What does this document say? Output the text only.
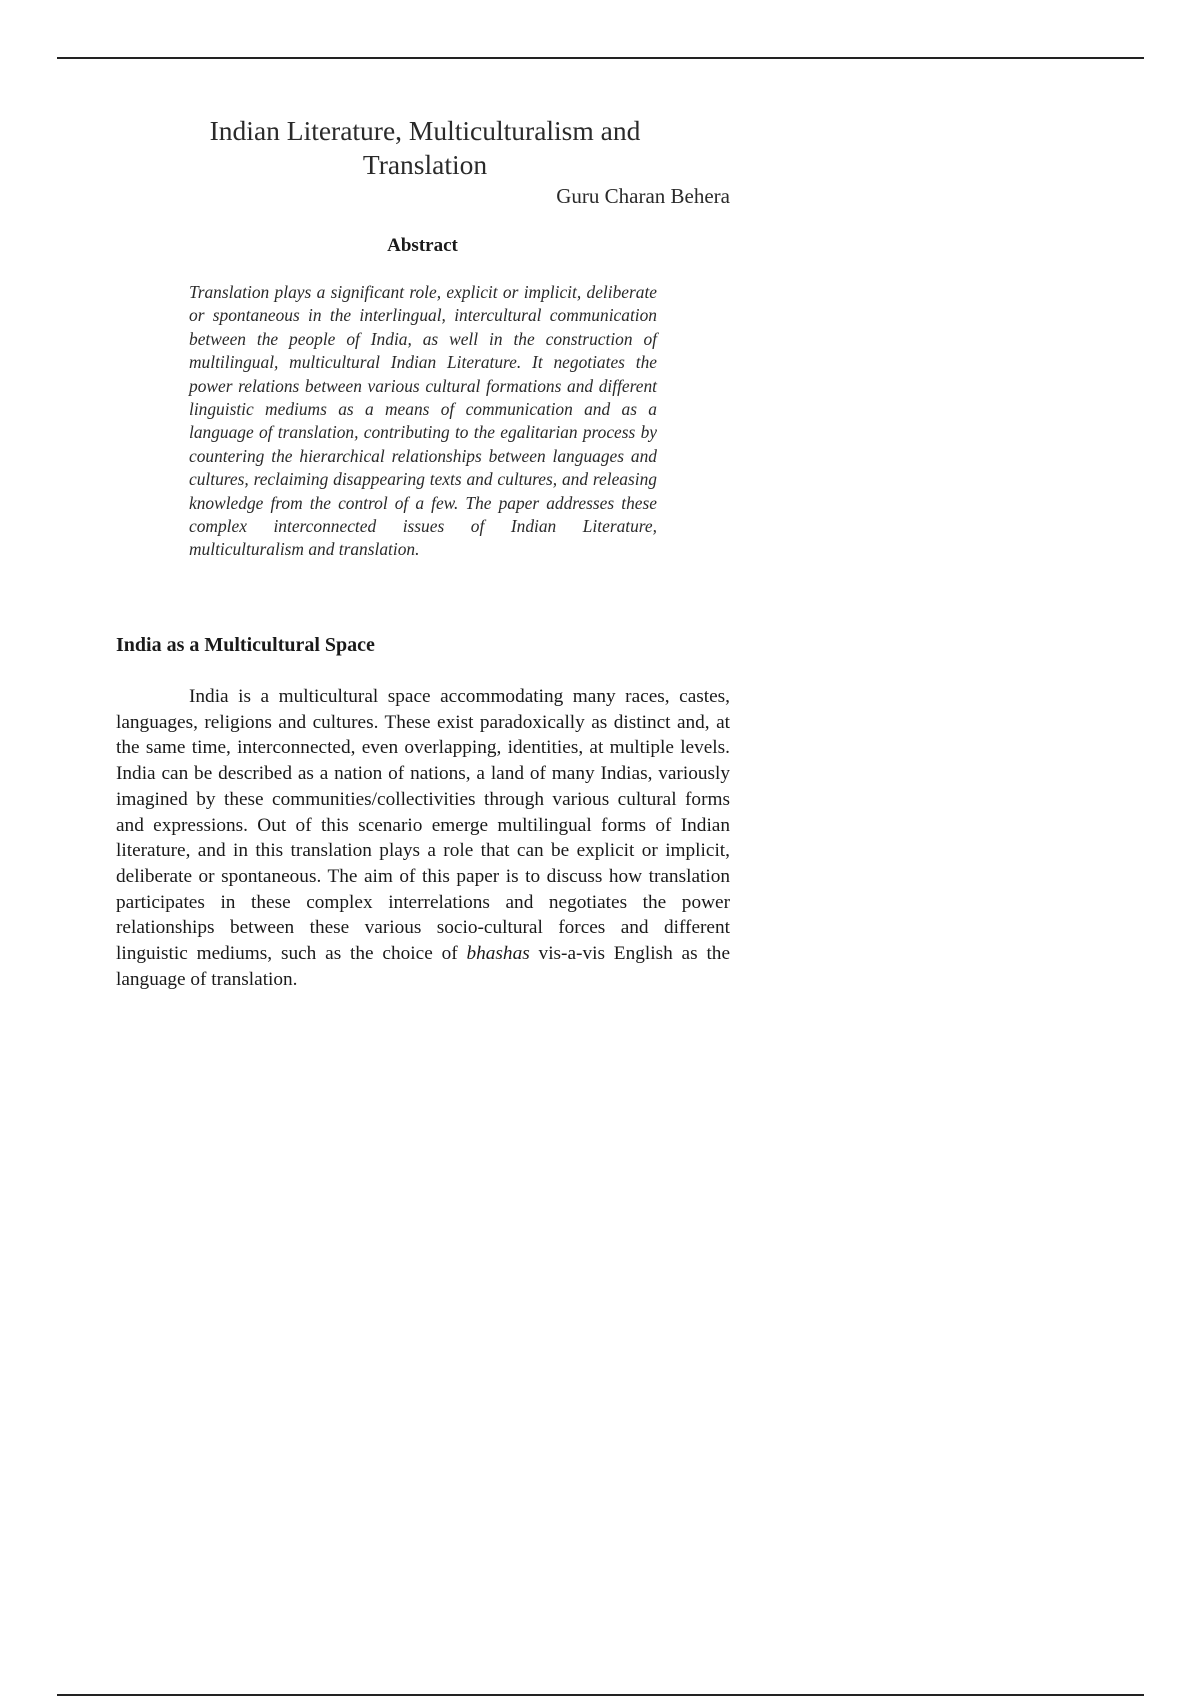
Indian Literature, Multiculturalism and Translation
Guru Charan Behera
Abstract

Translation plays a significant role, explicit or implicit, deliberate or spontaneous in the interlingual, intercultural communication between the people of India, as well in the construction of multilingual, multicultural Indian Literature. It negotiates the power relations between various cultural formations and different linguistic mediums as a means of communication and as a language of translation, contributing to the egalitarian process by countering the hierarchical relationships between languages and cultures, reclaiming disappearing texts and cultures, and releasing knowledge from the control of a few. The paper addresses these complex interconnected issues of Indian Literature, multiculturalism and translation.

India as a Multicultural Space

India is a multicultural space accommodating many races, castes, languages, religions and cultures. These exist paradoxically as distinct and, at the same time, interconnected, even overlapping, identities, at multiple levels. India can be described as a nation of nations, a land of many Indias, variously imagined by these communities/collectivities through various cultural forms and expressions. Out of this scenario emerge multilingual forms of Indian literature, and in this translation plays a role that can be explicit or implicit, deliberate or spontaneous. The aim of this paper is to discuss how translation participates in these complex interrelations and negotiates the power relationships between these various socio-cultural forces and different linguistic mediums, such as the choice of bhashas vis-a-vis English as the language of translation.
